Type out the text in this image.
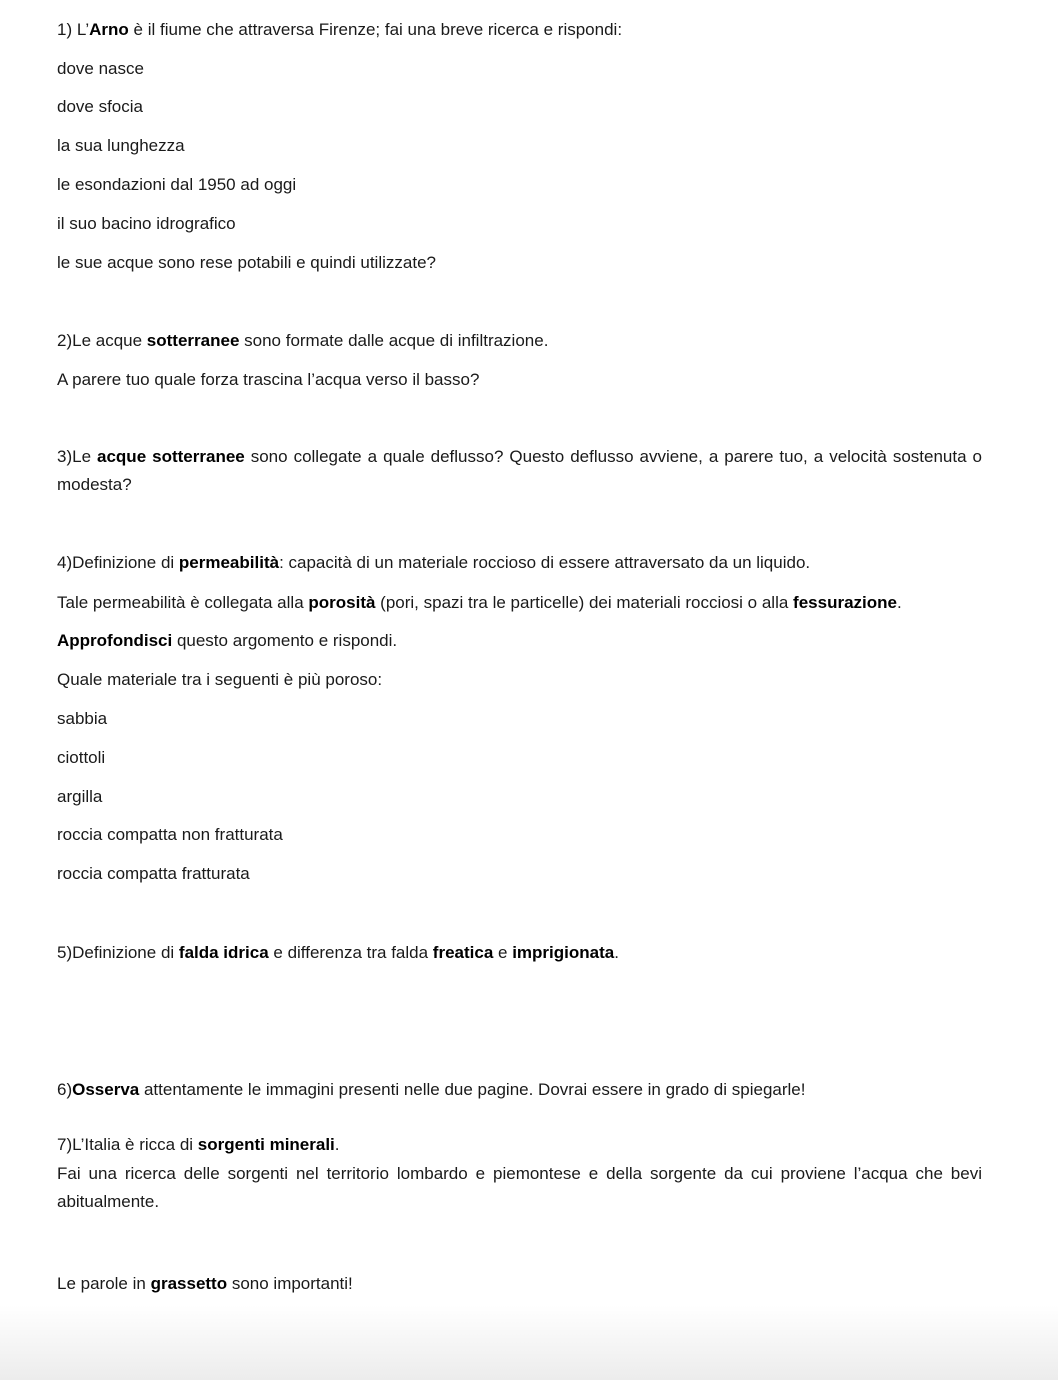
1) L’Arno è il fiume che attraversa Firenze; fai una breve ricerca e rispondi:
dove nasce
dove sfocia
la sua lunghezza
le esondazioni dal 1950 ad oggi
il suo bacino idrografico
le sue acque sono rese potabili e quindi utilizzate?
2)Le acque sotterranee sono formate dalle acque di infiltrazione.
A parere tuo quale forza trascina l’acqua verso il basso?
3)Le acque sotterranee sono collegate a quale deflusso? Questo deflusso avviene, a parere tuo, a velocità sostenuta o modesta?
4)Definizione di permeabilità: capacità di un materiale roccioso di essere attraversato da un liquido.
Tale permeabilità è collegata alla porosità (pori, spazi tra le particelle) dei materiali rocciosi o alla fessurazione.
Approfondisci questo argomento e rispondi.
Quale materiale tra i seguenti è più poroso:
sabbia
ciottoli
argilla
roccia compatta non fratturata
roccia compatta fratturata
5)Definizione di falda idrica e differenza tra falda freatica e imprigionata.
6)Osserva attentamente le immagini presenti nelle due pagine. Dovrai essere in grado di spiegarle!
7)L’Italia è ricca di sorgenti minerali.
Fai una ricerca delle sorgenti nel territorio lombardo e piemontese e della sorgente da cui proviene l’acqua che bevi abitualmente.
Le parole in grassetto sono importanti!
